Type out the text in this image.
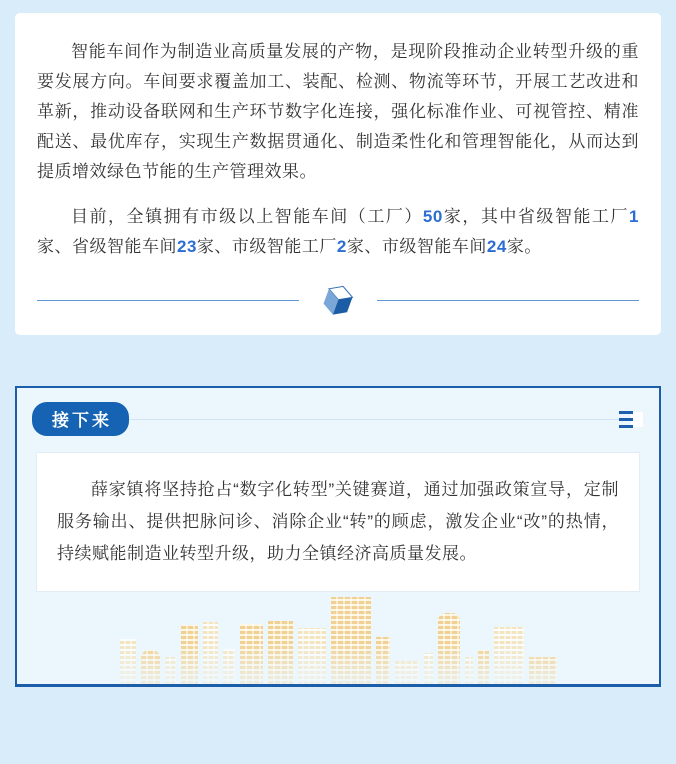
智能车间作为制造业高质量发展的产物，是现阶段推动企业转型升级的重要发展方向。车间要求覆盖加工、装配、检测、物流等环节，开展工艺改进和革新，推动设备联网和生产环节数字化连接，强化标准作业、可视管控、精准配送、最优库存，实现生产数据贯通化、制造柔性化和管理智能化，从而达到提质增效绿色节能的生产管理效果。

目前，全镇拥有市级以上智能车间（工厂）50家，其中省级智能工厂1家、省级智能车间23家、市级智能工厂2家、市级智能车间24家。

接下来

薛家镇将坚持抢占“数字化转型”关键赛道，通过加强政策宣导，定制服务输出、提供把脉问诊、消除企业“转”的顾虑，激发企业“改”的热情，持续赋能制造业转型升级，助力全镇经济高质量发展。
